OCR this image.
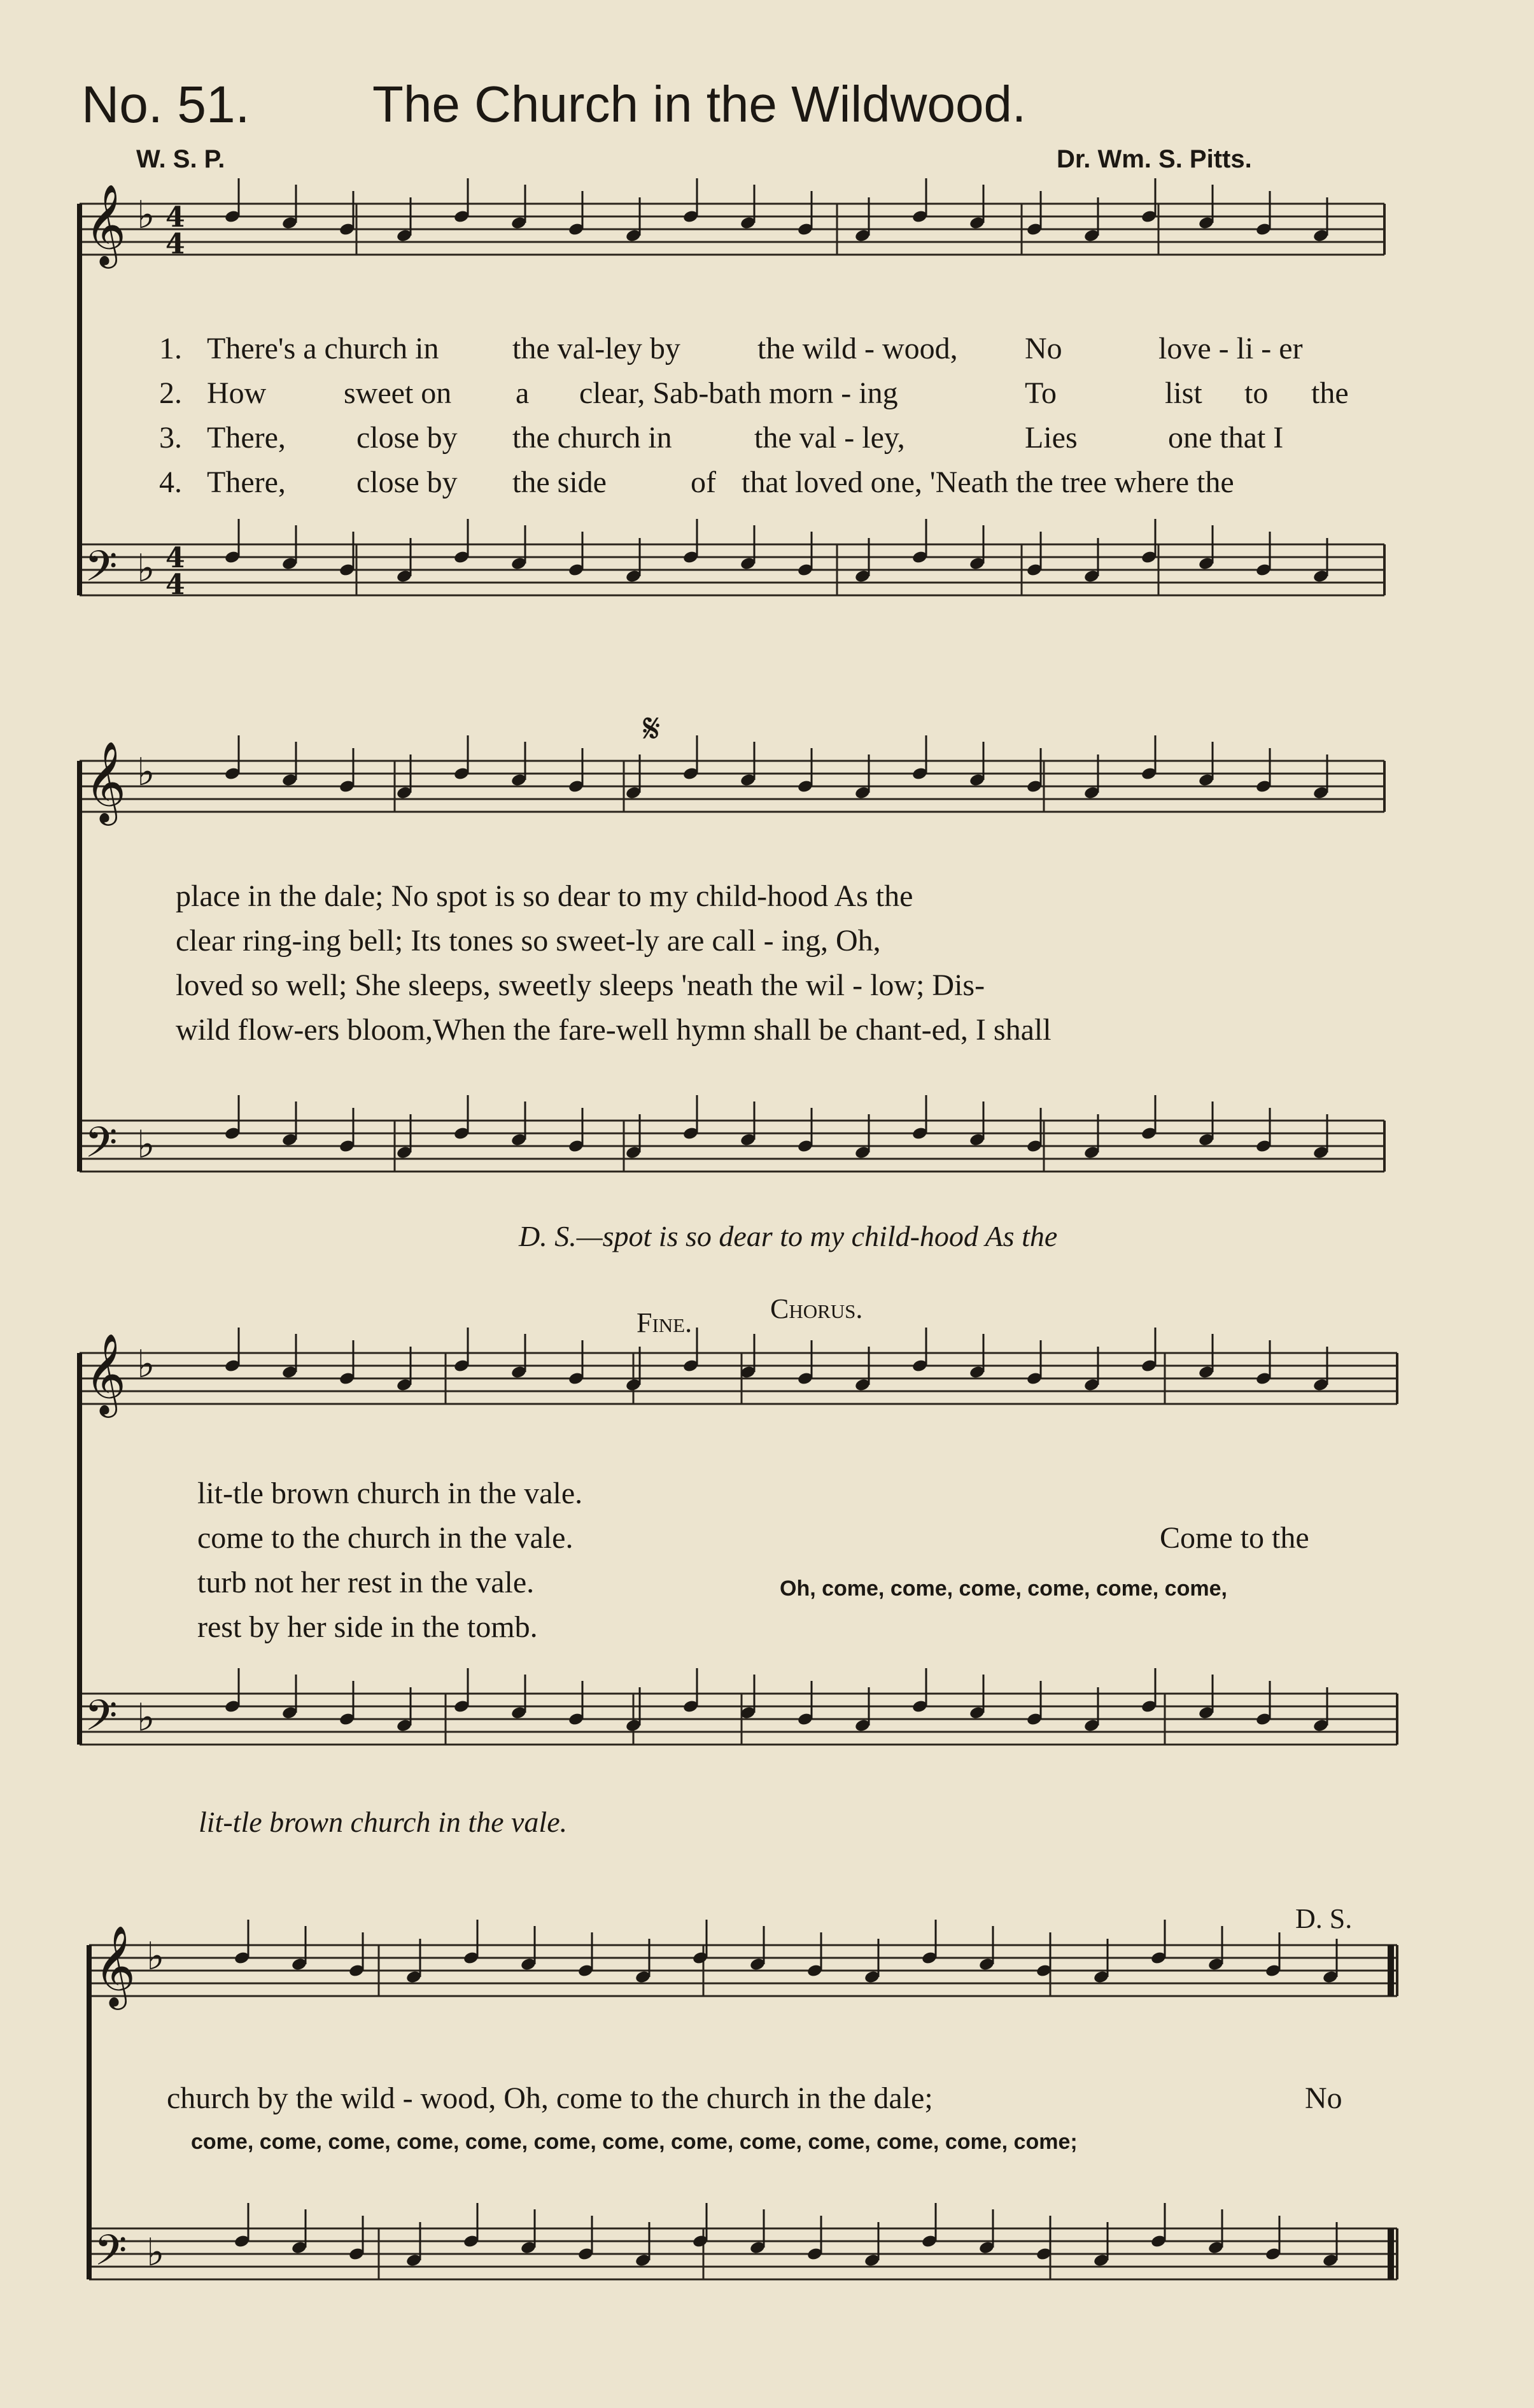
𝄞 ♭ 4
4
𝄢 ♭ 4
4
𝄞 ♭
𝄢 ♭
𝄞 ♭
𝄢 ♭
𝄞 ♭
𝄢 ♭
No. 51. The Church in the Wildwood.
W. S. P.	Dr. Wm. S. Pitts.
1. There's a church in the val-ley by	the wild - wood, No	love - li - er
2. How	sweet on a clear, Sab-bath morn - ing	To	list to the
3. There, close by the church in	the val - ley,	Lies	one that I
4. There, close by the side	of that loved one, 'Neath the tree where the
𝄋
place in the dale; No spot is so dear to my child-hood As the
clear ring-ing bell; Its tones so sweet-ly are call - ing, Oh,
loved so well; She sleeps, sweetly sleeps 'neath the wil - low; Dis-
wild flow-ers bloom,When the fare-well hymn shall be chant-ed, I shall
D. S.—spot is so dear to my child-hood As the
Fine.	Chorus.
lit-tle brown church in the vale.
come to the church in the vale.
turb not her rest in the vale.
rest by her side in the tomb.
Come to the
Oh, come, come, come, come, come, come,
lit-tle brown church in the vale.
D. S.
church by the wild - wood, Oh, come to the church in the dale;	No
come, come, come, come, come, come, come, come, come, come, come, come, come;
